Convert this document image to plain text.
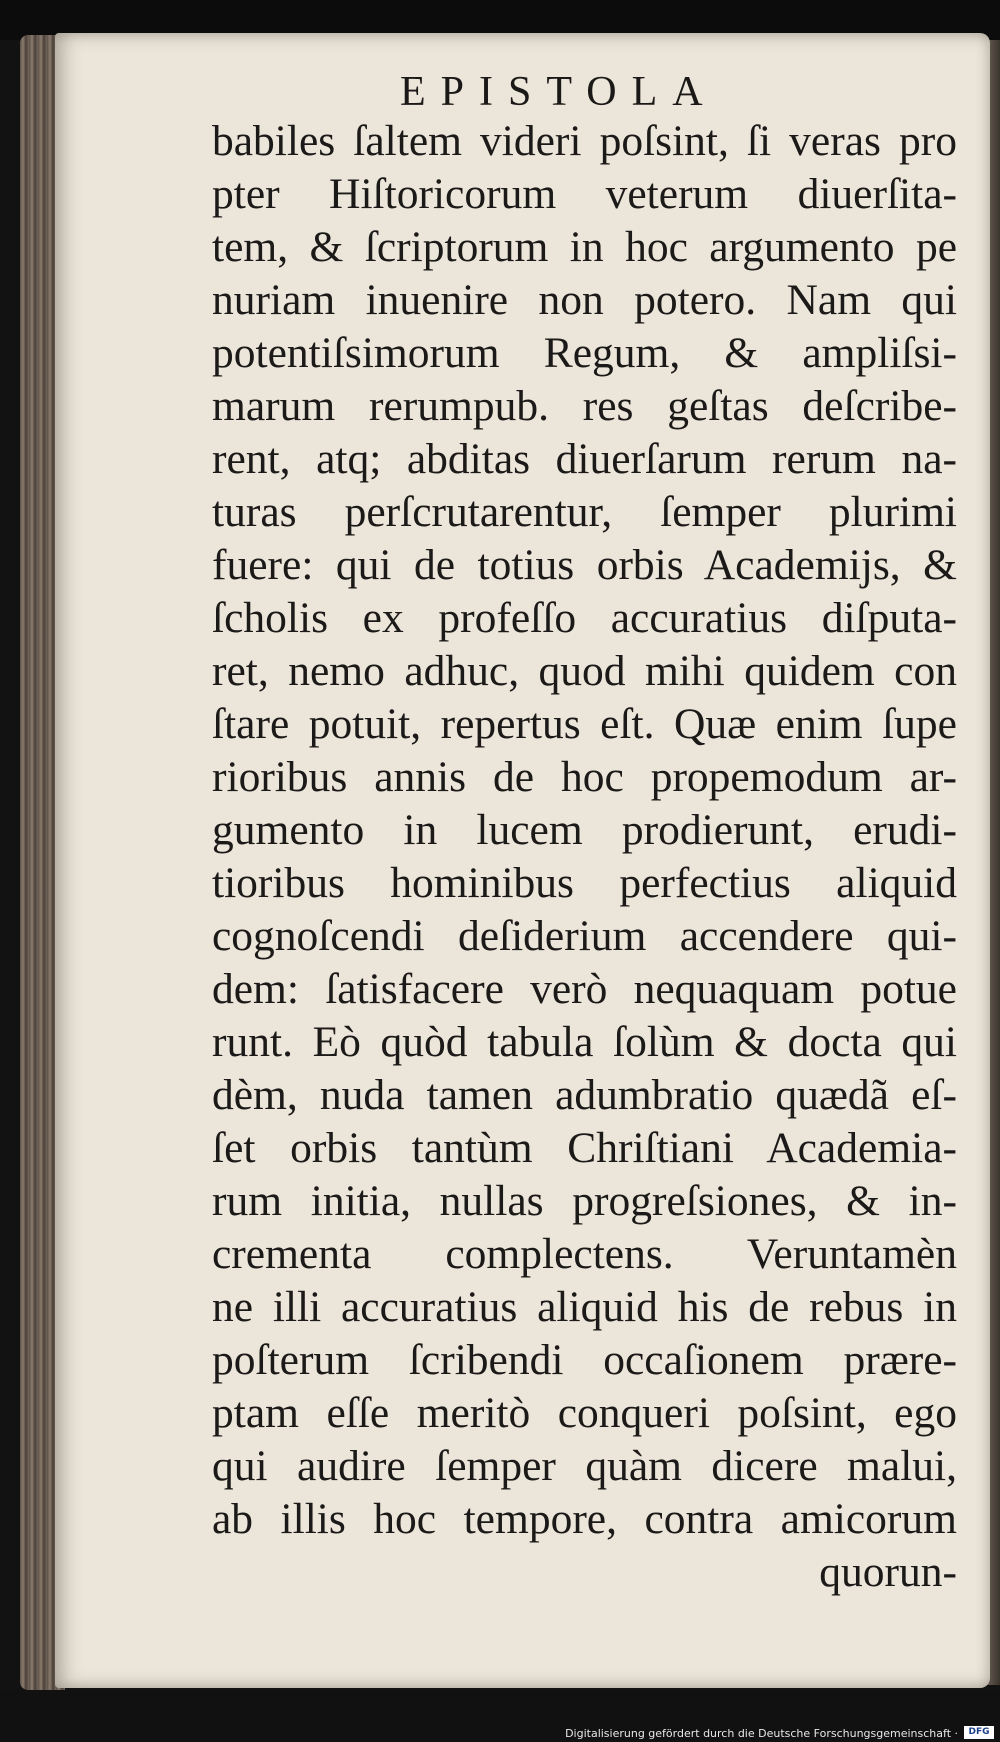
EPISTOLA
babiles ſaltem videri poſsint, ſi veras pro
pter Hiſtoricorum veterum diuerſita-
tem, & ſcriptorum in hoc argumento pe
nuriam inuenire non potero. Nam qui
potentiſsimorum Regum, & ampliſsi-
marum rerumpub. res geſtas deſcribe-
rent, atq; abditas diuerſarum rerum na-
turas perſcrutarentur, ſemper plurimi
fuere: qui de totius orbis Academijs, &
ſcholis ex profeſſo accuratius diſputa-
ret, nemo adhuc, quod mihi quidem con
ſtare potuit, repertus eſt. Quæ enim ſupe
rioribus annis de hoc propemodum ar-
gumento in lucem prodierunt, erudi-
tioribus hominibus perfectius aliquid
cognoſcendi deſiderium accendere qui-
dem: ſatisfacere verò nequaquam potue
runt. Eò quòd tabula ſolùm & docta qui
dèm, nuda tamen adumbratio quædã eſ-
ſet orbis tantùm Chriſtiani Academia-
rum initia, nullas progreſsiones, & in-
crementa complectens. Veruntamèn
ne illi accuratius aliquid his de rebus in
poſterum ſcribendi occaſionem prære-
ptam eſſe meritò conqueri poſsint, ego
qui audire ſemper quàm dicere malui,
ab illis hoc tempore, contra amicorum
quorun-
Digitalisierung gefördert durch die Deutsche Forschungsgemeinschaft ·	DFG
